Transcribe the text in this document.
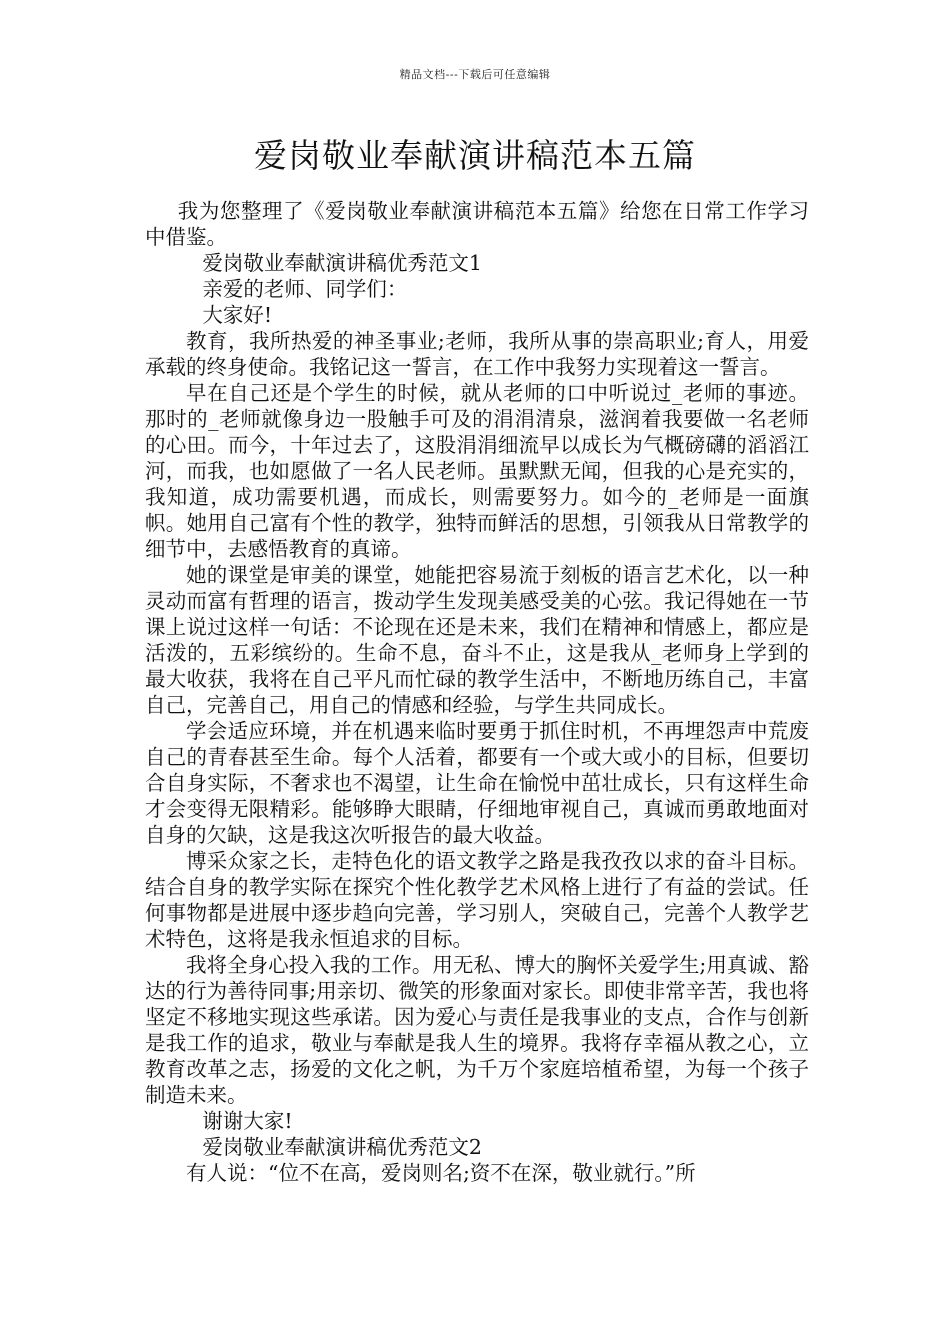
精品文档---下载后可任意编辑
爱岗敬业奉献演讲稿范本五篇

我为您整理了《爱岗敬业奉献演讲稿范本五篇》给您在日常工作学习中借鉴。

爱岗敬业奉献演讲稿优秀范文1

亲爱的老师、同学们：

大家好!

教育，我所热爱的神圣事业;老师，我所从事的崇高职业;育人，用爱承载的终身使命。我铭记这一誓言，在工作中我努力实现着这一誓言。

早在自己还是个学生的时候，就从老师的口中听说过_老师的事迹。那时的_老师就像身边一股触手可及的涓涓清泉，滋润着我要做一名老师的心田。而今，十年过去了，这股涓涓细流早以成长为气概磅礴的滔滔江河，而我，也如愿做了一名人民老师。虽默默无闻，但我的心是充实的，我知道，成功需要机遇，而成长，则需要努力。如今的_老师是一面旗帜。她用自己富有个性的教学，独特而鲜活的思想，引领我从日常教学的细节中，去感悟教育的真谛。

她的课堂是审美的课堂，她能把容易流于刻板的语言艺术化，以一种灵动而富有哲理的语言，拨动学生发现美感受美的心弦。我记得她在一节课上说过这样一句话：不论现在还是未来，我们在精神和情感上，都应是活泼的，五彩缤纷的。生命不息，奋斗不止，这是我从_老师身上学到的最大收获，我将在自己平凡而忙碌的教学生活中，不断地历练自己，丰富自己，完善自己，用自己的情感和经验，与学生共同成长。

学会适应环境，并在机遇来临时要勇于抓住时机，不再埋怨声中荒废自己的青春甚至生命。每个人活着，都要有一个或大或小的目标，但要切合自身实际，不奢求也不渴望，让生命在愉悦中茁壮成长，只有这样生命才会变得无限精彩。能够睁大眼睛，仔细地审视自己，真诚而勇敢地面对自身的欠缺，这是我这次听报告的最大收益。

博采众家之长，走特色化的语文教学之路是我孜孜以求的奋斗目标。结合自身的教学实际在探究个性化教学艺术风格上进行了有益的尝试。任何事物都是进展中逐步趋向完善，学习别人，突破自己，完善个人教学艺术特色，这将是我永恒追求的目标。

我将全身心投入我的工作。用无私、博大的胸怀关爱学生;用真诚、豁达的行为善待同事;用亲切、微笑的形象面对家长。即使非常辛苦，我也将坚定不移地实现这些承诺。因为爱心与责任是我事业的支点，合作与创新是我工作的追求，敬业与奉献是我人生的境界。我将存幸福从教之心，立教育改革之志，扬爱的文化之帆，为千万个家庭培植希望，为每一个孩子制造未来。

谢谢大家!

爱岗敬业奉献演讲稿优秀范文2

有人说：“位不在高，爱岗则名;资不在深，敬业就行。”所
